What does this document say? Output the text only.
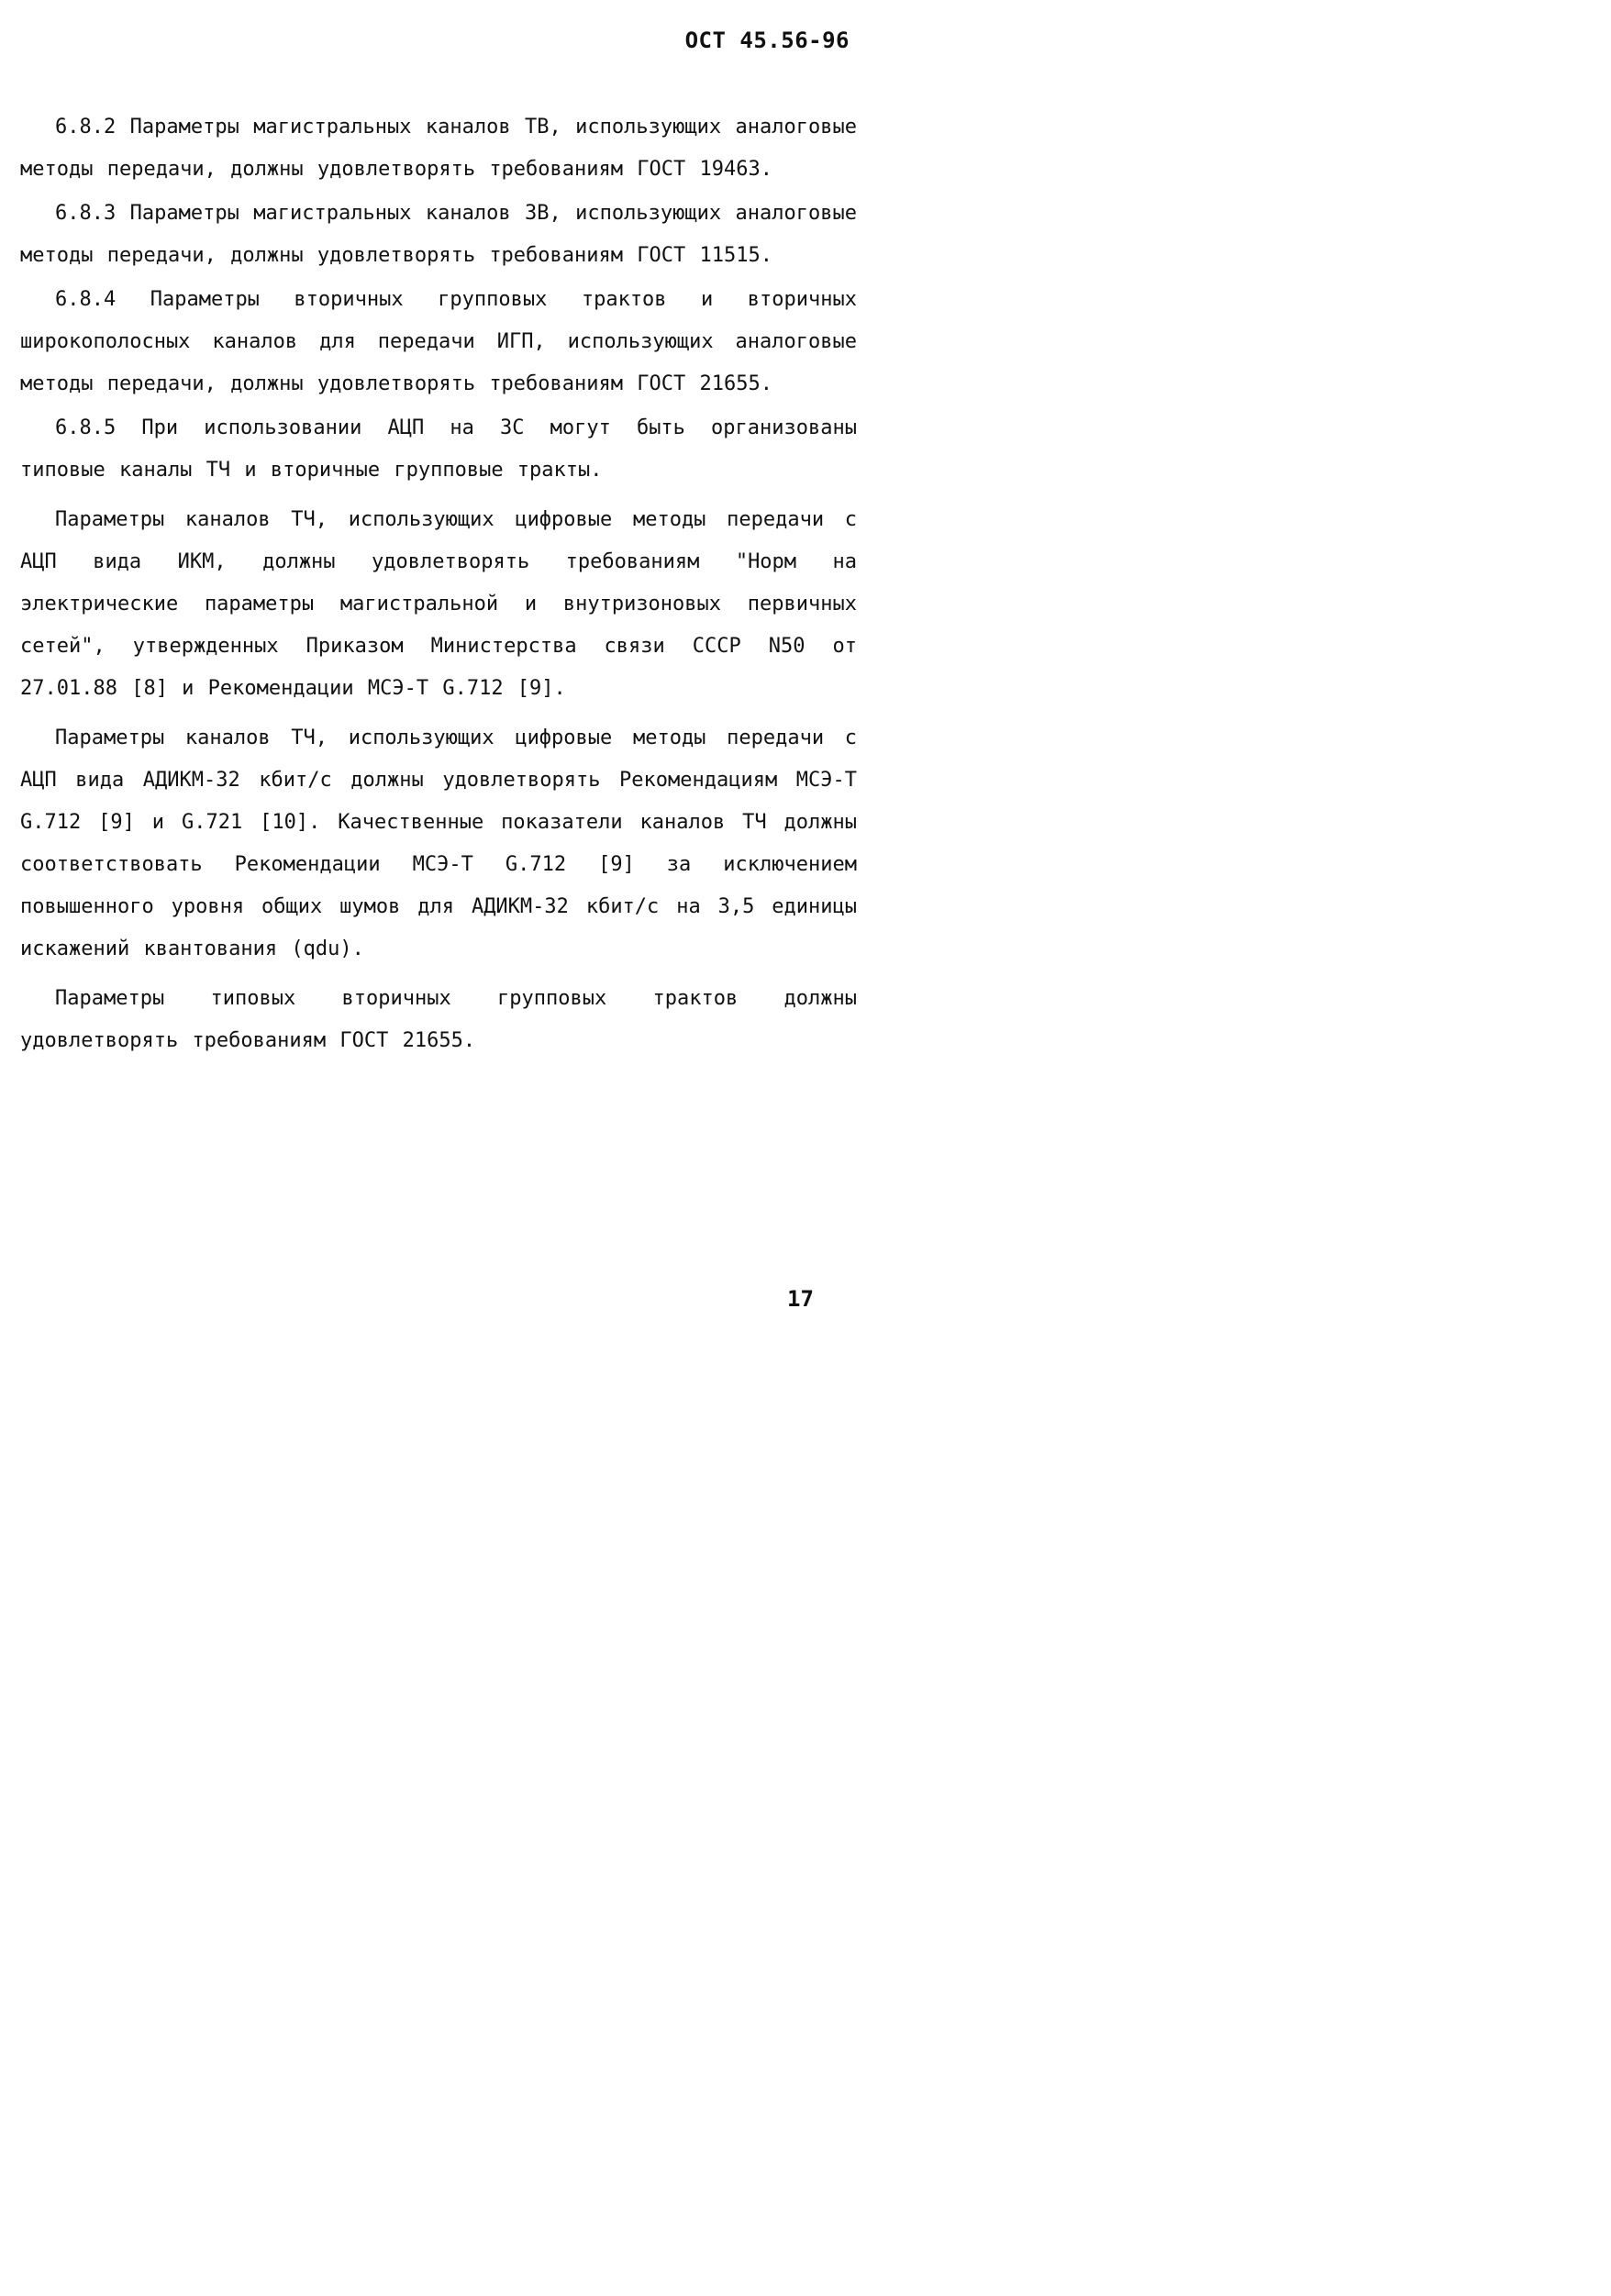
ОСТ 45.56-96

6.8.2 Параметры магистральных каналов ТВ, использующих аналоговые методы передачи, должны удовлетворять требованиям ГОСТ 19463.

6.8.3 Параметры магистральных каналов ЗВ, использующих аналоговые методы передачи, должны удовлетворять требованиям ГОСТ 11515.

6.8.4 Параметры вторичных групповых трактов и вторичных широкополосных каналов для передачи ИГП, использующих аналоговые методы передачи, должны удовлетворять требованиям ГОСТ 21655.

6.8.5 При использовании АЦП на ЗС могут быть организованы типовые каналы ТЧ и вторичные групповые тракты.

Параметры каналов ТЧ, использующих цифровые методы передачи с АЦП вида ИКМ, должны удовлетворять требованиям "Норм на электрические параметры магистральной и внутризоновых первичных сетей", утвержденных Приказом Министерства связи СССР N50 от 27.01.88 [8] и Рекомендации МСЭ-Т G.712 [9].

Параметры каналов ТЧ, использующих цифровые методы передачи с АЦП вида АДИКМ-32 кбит/с должны удовлетворять Рекомендациям МСЭ-Т G.712 [9] и G.721 [10]. Качественные показатели каналов ТЧ должны соответствовать Рекомендации МСЭ-Т G.712 [9] за исключением повышенного уровня общих шумов для АДИКМ-32 кбит/с на 3,5 единицы искажений квантования (qdu).

Параметры типовых вторичных групповых трактов должны удовлетворять требованиям ГОСТ 21655.

17
